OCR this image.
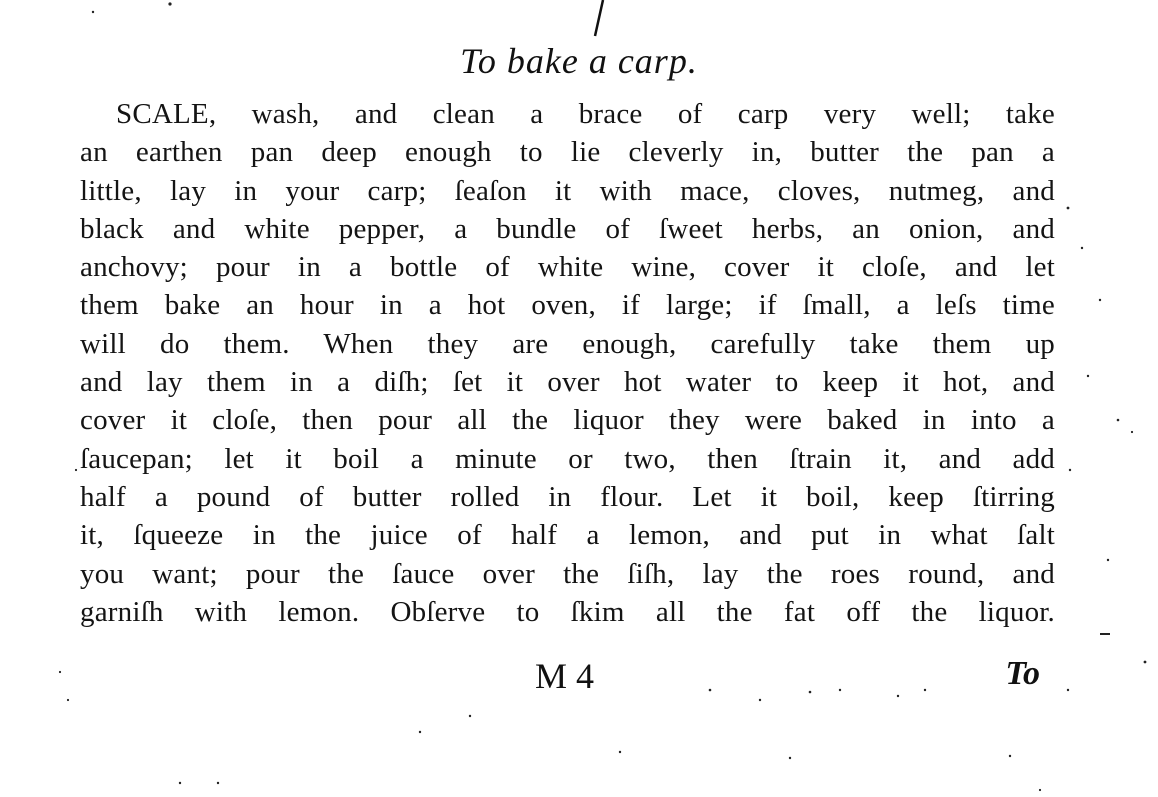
To bake a carp.
SCALE, wash, and clean a brace of carp very well; take
an earthen pan deep enough to lie cleverly in, butter the pan a
little, lay in your carp; ſeaſon it with mace, cloves, nutmeg, and
black and white pepper, a bundle of ſweet herbs, an onion, and
anchovy; pour in a bottle of white wine, cover it cloſe, and let
them bake an hour in a hot oven, if large; if ſmall, a leſs time
will do them. When they are enough, carefully take them up
and lay them in a diſh; ſet it over hot water to keep it hot, and
cover it cloſe, then pour all the liquor they were baked in into a
ſaucepan; let it boil a minute or two, then ſtrain it, and add
half a pound of butter rolled in flour. Let it boil, keep ſtirring
it, ſqueeze in the juice of half a lemon, and put in what ſalt
you want; pour the ſauce over the ſiſh, lay the roes round, and
garniſh with lemon. Obſerve to ſkim all the fat off the liquor.
M 4	To
